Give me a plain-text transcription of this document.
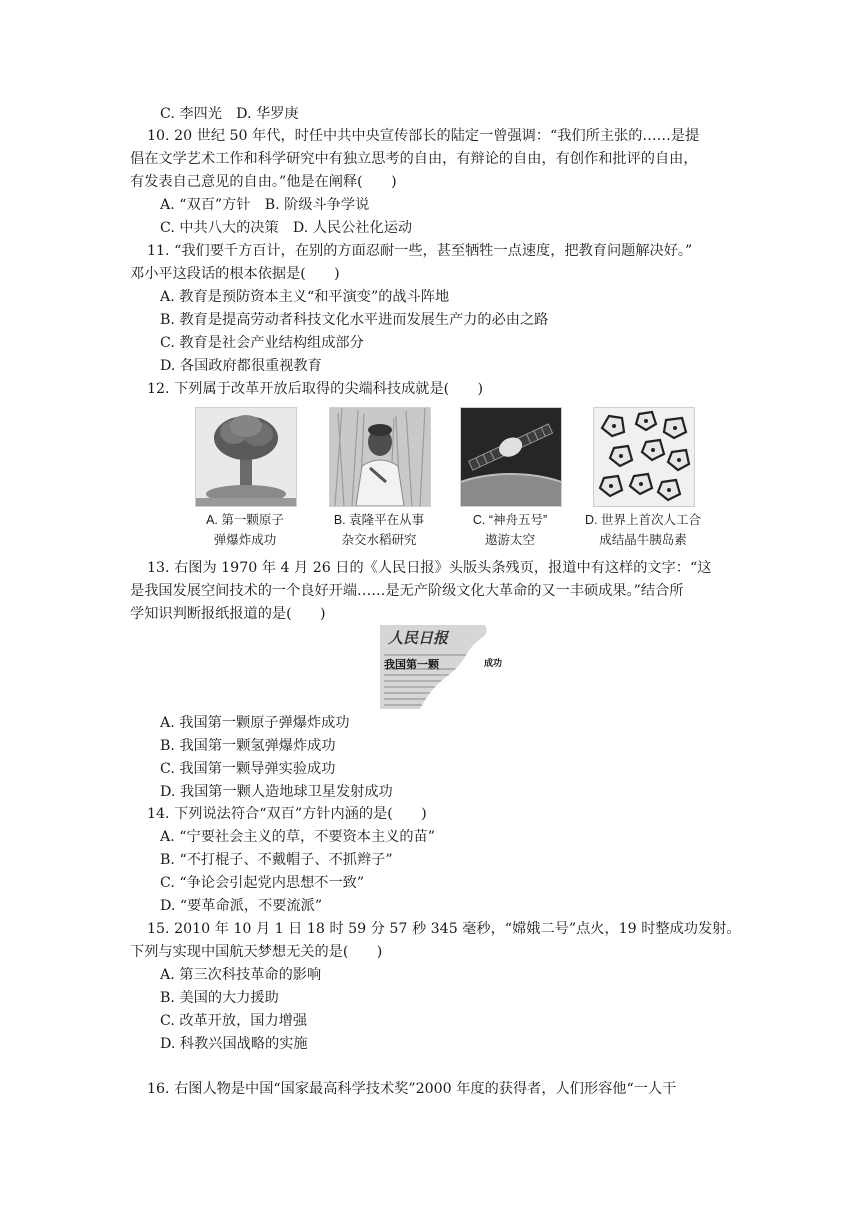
C. 李四光　D. 华罗庚
10. 20 世纪 50 年代，时任中共中央宣传部长的陆定一曾强调：“我们所主张的……是提
倡在文学艺术工作和科学研究中有独立思考的自由，有辩论的自由，有创作和批评的自由，
有发表自己意见的自由。”他是在阐释(　　)
A. “双百”方针　B. 阶级斗争学说
C. 中共八大的决策　D. 人民公社化运动
11. “我们要千方百计，在别的方面忍耐一些，甚至牺牲一点速度，把教育问题解决好。”
邓小平这段话的根本依据是(　　)
A. 教育是预防资本主义“和平演变”的战斗阵地
B. 教育是提高劳动者科技文化水平进而发展生产力的必由之路
C. 教育是社会产业结构组成部分
D. 各国政府都很重视教育
12. 下列属于改革开放后取得的尖端科技成就是(　　)
A. 第一颗原子
弹爆炸成功
B. 袁隆平在从事
杂交水稻研究
C. “神舟五号”
遨游太空
D. 世界上首次人工合
成结晶牛胰岛素
13. 右图为 1970 年 4 月 26 日的《人民日报》头版头条残页，报道中有这样的文字：“这
是我国发展空间技术的一个良好开端……是无产阶级文化大革命的又一丰硕成果。”结合所
学知识判断报纸报道的是(　　)
人民日报
我国第一颗	成功
A. 我国第一颗原子弹爆炸成功
B. 我国第一颗氢弹爆炸成功
C. 我国第一颗导弹实验成功
D. 我国第一颗人造地球卫星发射成功
14. 下列说法符合“双百”方针内涵的是(　　)
A. “宁要社会主义的草，不要资本主义的苗”
B. “不打棍子、不戴帽子、不抓辫子”
C. “争论会引起党内思想不一致”
D. “要革命派，不要流派”
15. 2010 年 10 月 1 日 18 时 59 分 57 秒 345 毫秒，“嫦娥二号”点火，19 时整成功发射。
下列与实现中国航天梦想无关的是(　　)
A. 第三次科技革命的影响
B. 美国的大力援助
C. 改革开放，国力增强
D. 科教兴国战略的实施
16. 右图人物是中国“国家最高科学技术奖”2000 年度的获得者，人们形容他“一人干
